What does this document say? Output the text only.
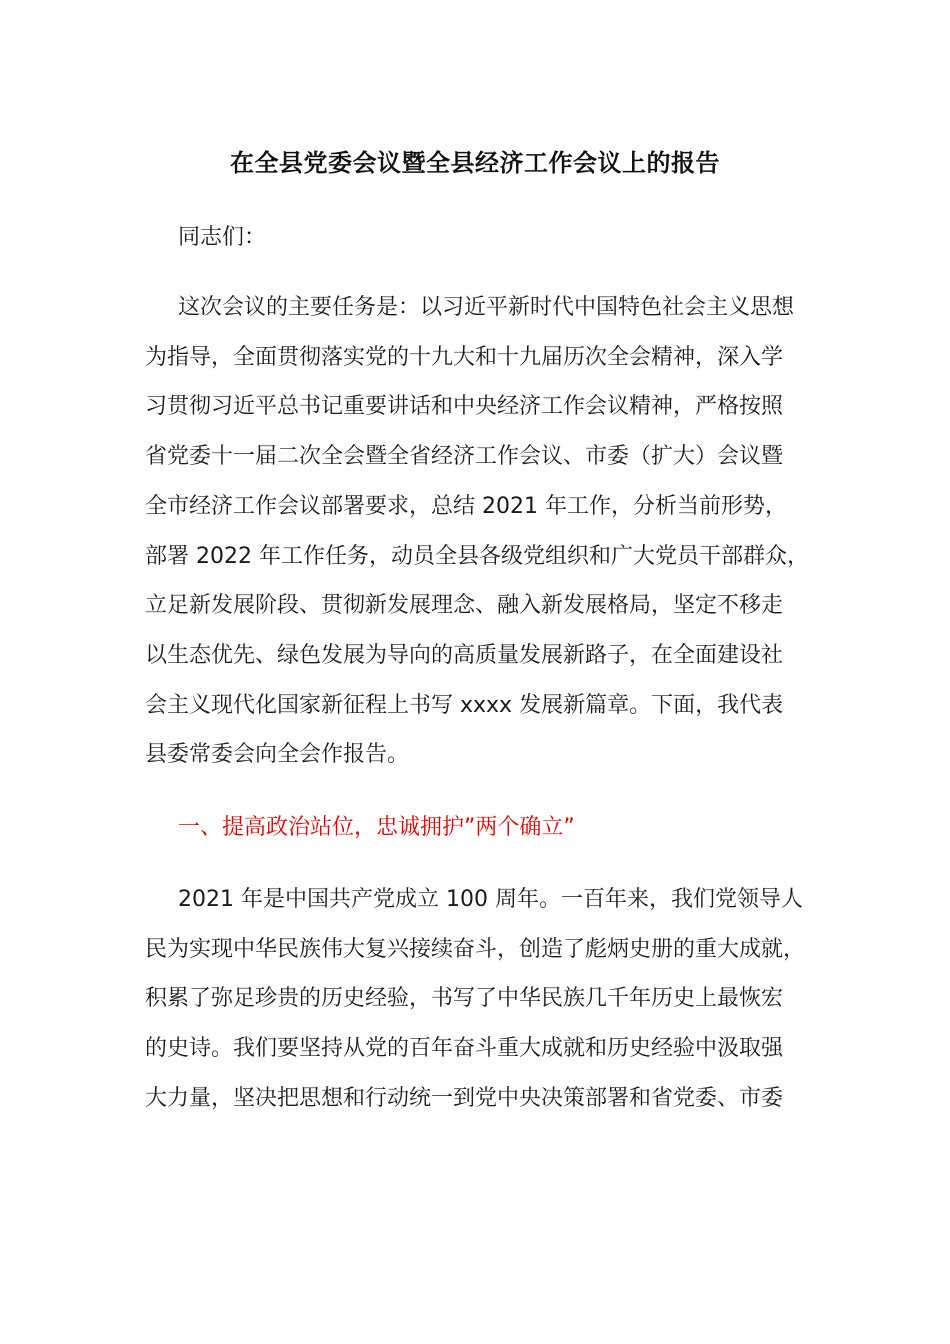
在全县党委会议暨全县经济工作会议上的报告
同志们：
这次会议的主要任务是：以习近平新时代中国特色社会主义思想
为指导，全面贯彻落实党的十九大和十九届历次全会精神，深入学
习贯彻习近平总书记重要讲话和中央经济工作会议精神，严格按照
省党委十一届二次全会暨全省经济工作会议、市委（扩大）会议暨
全市经济工作会议部署要求，总结 2021 年工作，分析当前形势，
部署 2022 年工作任务，动员全县各级党组织和广大党员干部群众，
立足新发展阶段、贯彻新发展理念、融入新发展格局，坚定不移走
以生态优先、绿色发展为导向的高质量发展新路子，在全面建设社
会主义现代化国家新征程上书写 xxxx 发展新篇章。下面，我代表
县委常委会向全会作报告。
一、提高政治站位，忠诚拥护”两个确立”
2021 年是中国共产党成立 100 周年。一百年来，我们党领导人
民为实现中华民族伟大复兴接续奋斗，创造了彪炳史册的重大成就，
积累了弥足珍贵的历史经验，书写了中华民族几千年历史上最恢宏
的史诗。我们要坚持从党的百年奋斗重大成就和历史经验中汲取强
大力量，坚决把思想和行动统一到党中央决策部署和省党委、市委
